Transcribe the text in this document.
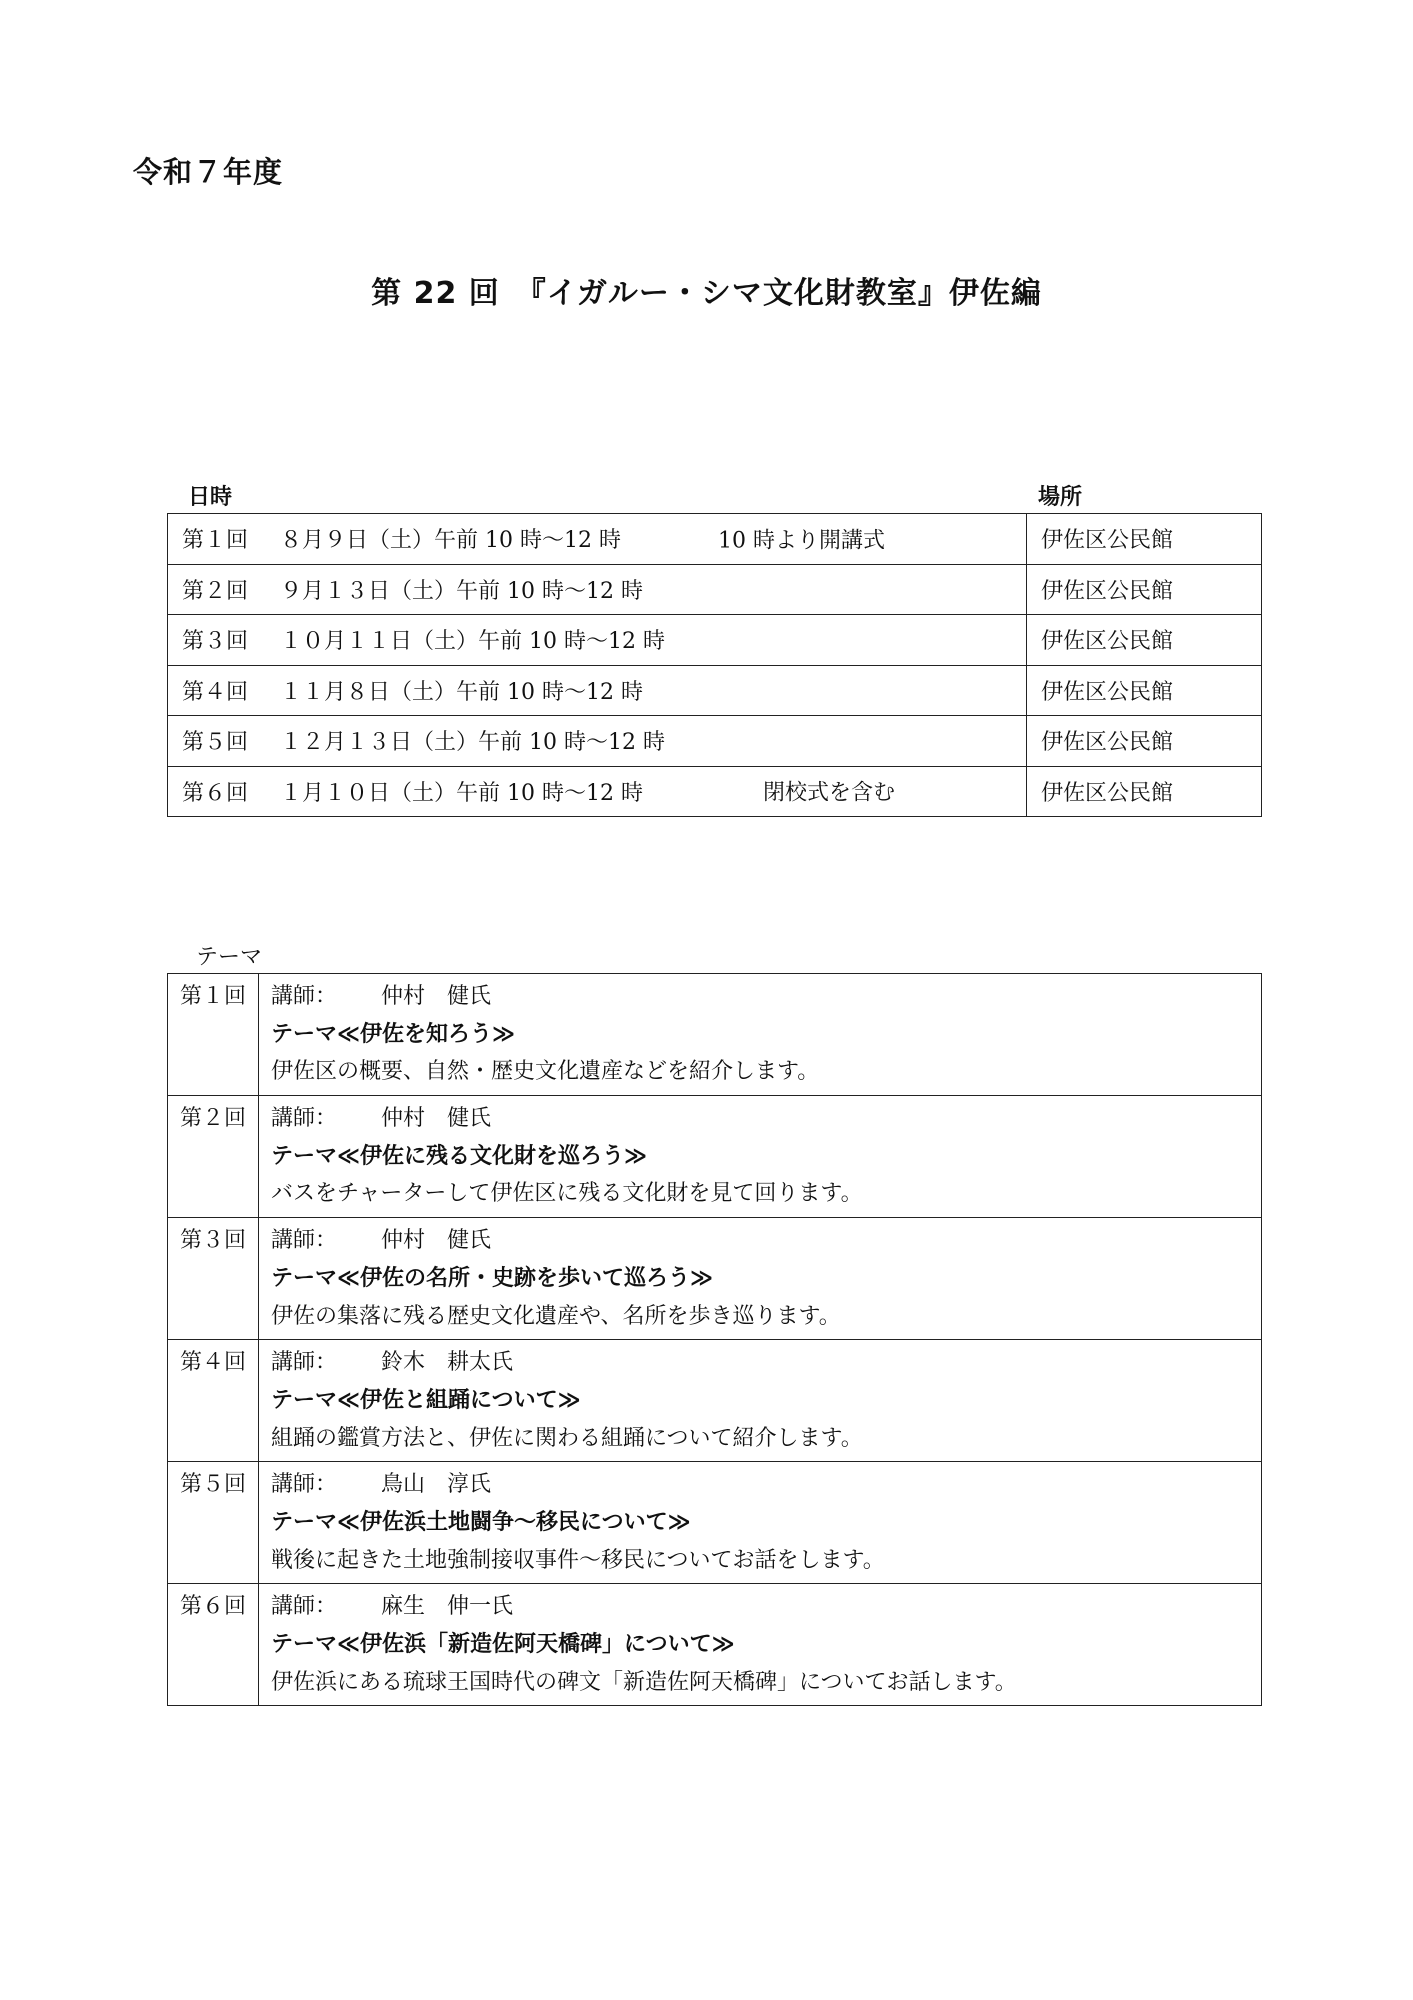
令和７年度
第 22 回　『イガルー・シマ文化財教室』伊佐編
日時	場所
第１回 ８月９日（土）午前 10 時～12 時 10 時より開講式	伊佐区公民館
第２回 ９月１３日（土）午前 10 時～12 時	伊佐区公民館
第３回 １０月１１日（土）午前 10 時～12 時	伊佐区公民館
第４回 １１月８日（土）午前 10 時～12 時	伊佐区公民館
第５回 １２月１３日（土）午前 10 時～12 時	伊佐区公民館
第６回 １月１０日（土）午前 10 時～12 時 閉校式を含む	伊佐区公民館
テーマ
第１回	講師： 仲村　健氏
テーマ≪伊佐を知ろう≫
伊佐区の概要、自然・歴史文化遺産などを紹介します。

第２回	講師： 仲村　健氏
テーマ≪伊佐に残る文化財を巡ろう≫
バスをチャーターして伊佐区に残る文化財を見て回ります。

第３回	講師： 仲村　健氏
テーマ≪伊佐の名所・史跡を歩いて巡ろう≫
伊佐の集落に残る歴史文化遺産や、名所を歩き巡ります。

第４回	講師： 鈴木　耕太氏
テーマ≪伊佐と組踊について≫
組踊の鑑賞方法と、伊佐に関わる組踊について紹介します。

第５回	講師： 鳥山　淳氏
テーマ≪伊佐浜土地闘争～移民について≫
戦後に起きた土地強制接収事件～移民についてお話をします。

第６回	講師： 麻生　伸一氏
テーマ≪伊佐浜「新造佐阿天橋碑」について≫
伊佐浜にある琉球王国時代の碑文「新造佐阿天橋碑」についてお話します。
